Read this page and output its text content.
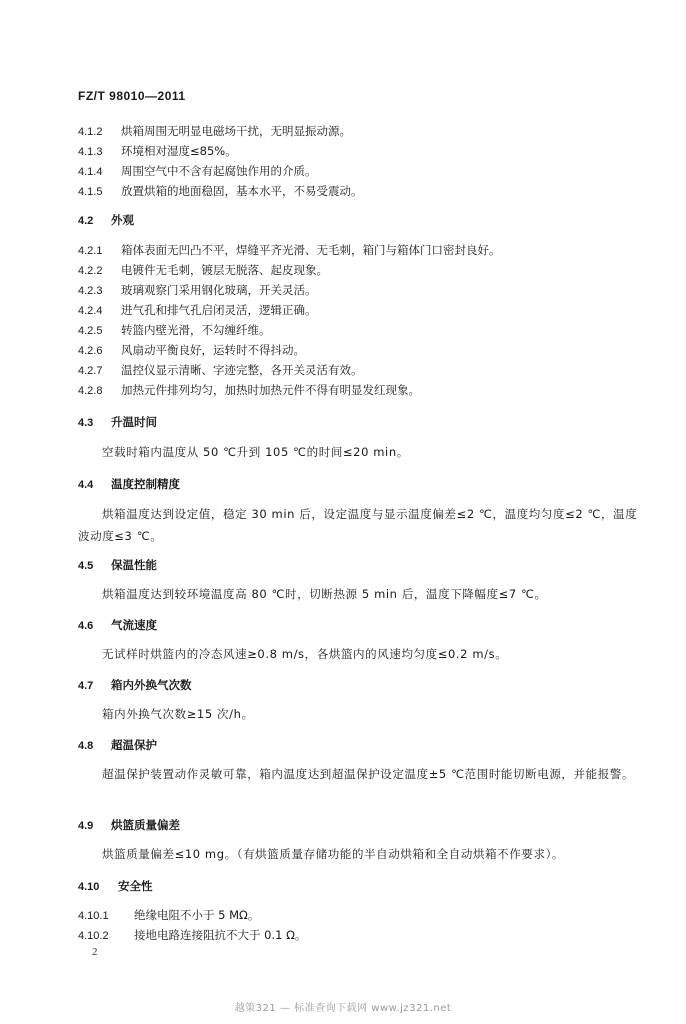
FZ/T 98010—2011
4.1.2 烘箱周围无明显电磁场干扰，无明显振动源。
4.1.3 环境相对湿度≤85%。
4.1.4 周围空气中不含有起腐蚀作用的介质。
4.1.5 放置烘箱的地面稳固，基本水平，不易受震动。
4.2 外观
4.2.1 箱体表面无凹凸不平，焊缝平齐光滑、无毛刺，箱门与箱体门口密封良好。
4.2.2 电镀件无毛刺，镀层无脱落、起皮现象。
4.2.3 玻璃观察门采用钢化玻璃，开关灵活。
4.2.4 进气孔和排气孔启闭灵活，逻辑正确。
4.2.5 转篮内壁光滑，不勾缠纤维。
4.2.6 风扇动平衡良好，运转时不得抖动。
4.2.7 温控仪显示清晰、字迹完整，各开关灵活有效。
4.2.8 加热元件排列均匀，加热时加热元件不得有明显发红现象。
4.3 升温时间
空载时箱内温度从 50 ℃升到 105 ℃的时间≤20 min。
4.4 温度控制精度
烘箱温度达到设定值，稳定 30 min 后，设定温度与显示温度偏差≤2 ℃，温度均匀度≤2 ℃，温度波动度≤3 ℃。
4.5 保温性能
烘箱温度达到较环境温度高 80 ℃时，切断热源 5 min 后，温度下降幅度≤7 ℃。
4.6 气流速度
无试样时烘篮内的冷态风速≥0.8 m/s，各烘篮内的风速均匀度≤0.2 m/s。
4.7 箱内外换气次数
箱内外换气次数≥15 次/h。
4.8 超温保护
超温保护装置动作灵敏可靠，箱内温度达到超温保护设定温度±5 ℃范围时能切断电源，并能报警。
4.9 烘篮质量偏差
烘篮质量偏差≤10 mg。（有烘篮质量存储功能的半自动烘箱和全自动烘箱不作要求）。
4.10 安全性
4.10.1 绝缘电阻不小于 5 MΩ。
4.10.2 接地电路连接阻抗不大于 0.1 Ω。
2
越策321 — 标准查询下载网 www.jz321.net
